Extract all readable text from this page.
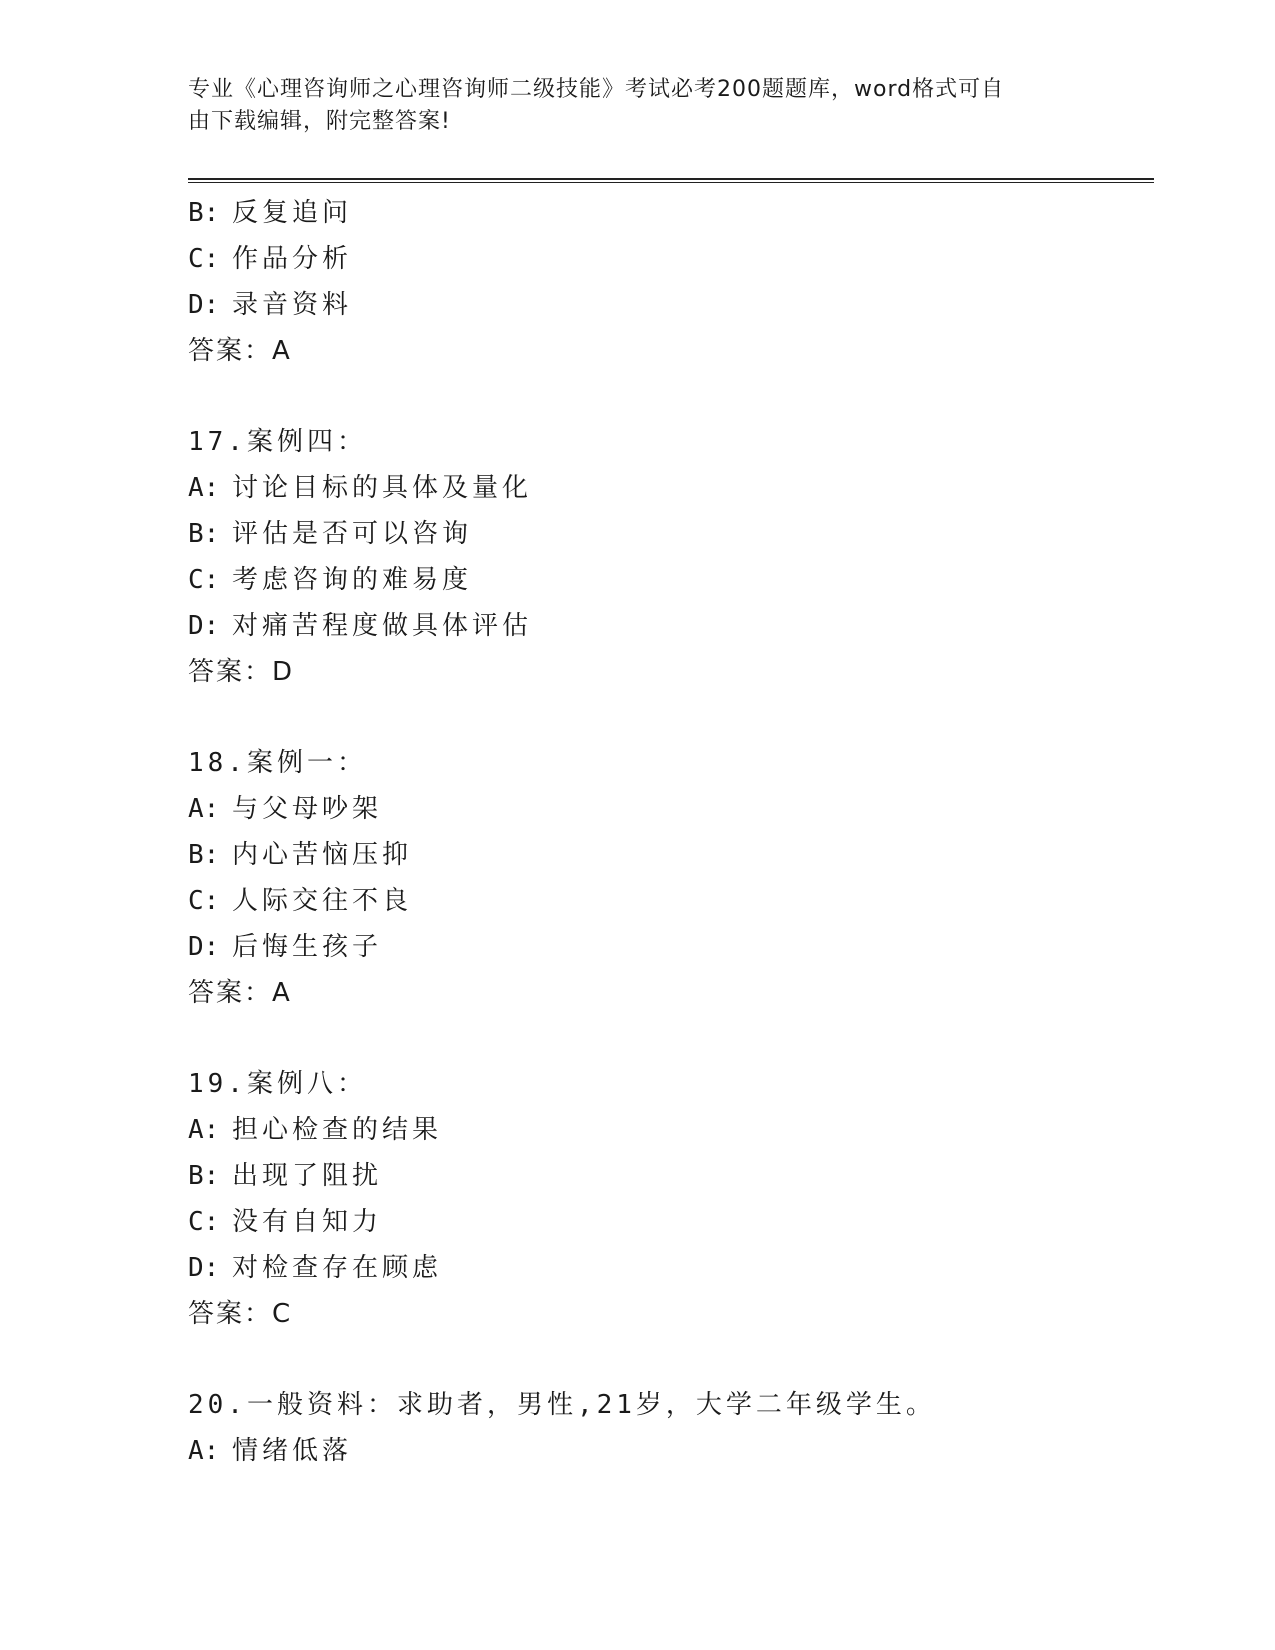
专业《心理咨询师之心理咨询师二级技能》考试必考200题题库，word格式可自
由下载编辑，附完整答案!
B: 反复追问
C: 作品分析
D: 录音资料
答案：A
17.案例四：
A: 讨论目标的具体及量化
B: 评估是否可以咨询
C: 考虑咨询的难易度
D: 对痛苦程度做具体评估
答案：D
18.案例一：
A: 与父母吵架
B: 内心苦恼压抑
C: 人际交往不良
D: 后悔生孩子
答案：A
19.案例八：
A: 担心检查的结果
B: 出现了阻扰
C: 没有自知力
D: 对检查存在顾虑
答案：C
20.一般资料：求助者，男性,21岁，大学二年级学生。
A: 情绪低落
